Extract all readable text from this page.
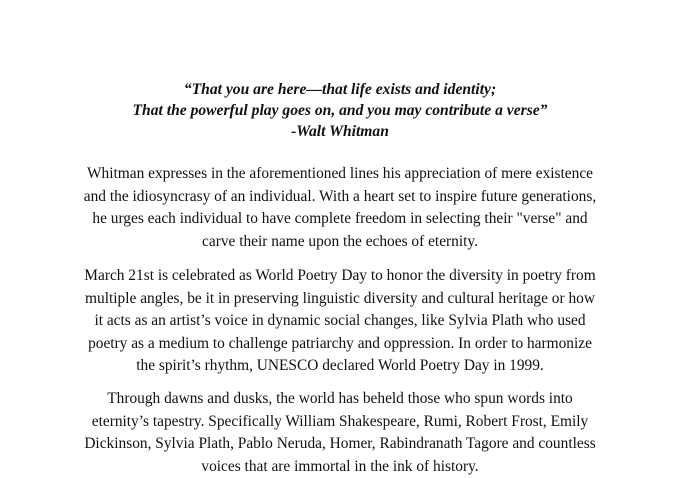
“That you are here—that life exists and identity;
That the powerful play goes on, and you may contribute a verse”
-Walt Whitman
Whitman expresses in the aforementioned lines his appreciation of mere existence
and the idiosyncrasy of an individual. With a heart set to inspire future generations,
he urges each individual to have complete freedom in selecting their "verse" and
carve their name upon the echoes of eternity.
March 21st is celebrated as World Poetry Day to honor the diversity in poetry from
multiple angles, be it in preserving linguistic diversity and cultural heritage or how
it acts as an artist’s voice in dynamic social changes, like Sylvia Plath who used
poetry as a medium to challenge patriarchy and oppression. In order to harmonize
the spirit’s rhythm, UNESCO declared World Poetry Day in 1999.
Through dawns and dusks, the world has beheld those who spun words into
eternity’s tapestry. Specifically William Shakespeare, Rumi, Robert Frost, Emily
Dickinson, Sylvia Plath, Pablo Neruda, Homer, Rabindranath Tagore and countless
voices that are immortal in the ink of history.
